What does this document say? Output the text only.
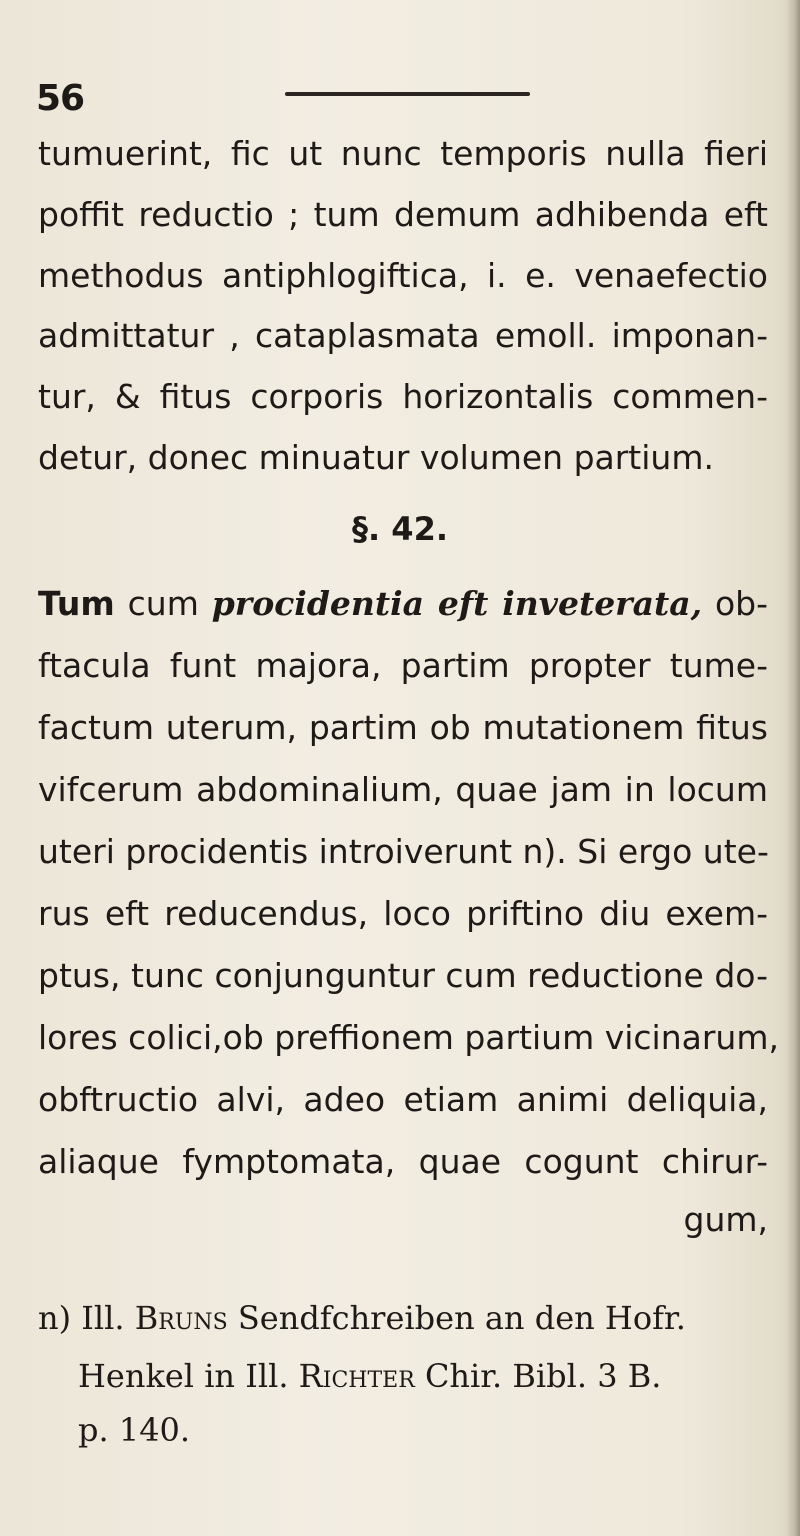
56
tumuerint, fic ut nunc temporis nulla fieri
poffit reductio ; tum demum adhibenda eft
methodus antiphlogiftica, i. e. venaefectio
admittatur , cataplasmata emoll. imponan-
tur, & fitus corporis horizontalis commen-
detur, donec minuatur volumen partium.
§. 42.
Tum cum procidentia eft inveterata, ob-
ftacula funt majora, partim propter tume-
factum uterum, partim ob mutationem fitus
vifcerum abdominalium, quae jam in locum
uteri procidentis introiverunt n). Si ergo ute-
rus eft reducendus, loco priftino diu exem-
ptus, tunc conjunguntur cum reductione do-
lores colici,ob preffionem partium vicinarum,
obftructio alvi, adeo etiam animi deliquia,
aliaque fymptomata, quae cogunt chirur-
gum,
n) Ill. Bruns Sendfchreiben an den Hofr.
Henkel in Ill. Richter Chir. Bibl. 3 B.
p. 140.
